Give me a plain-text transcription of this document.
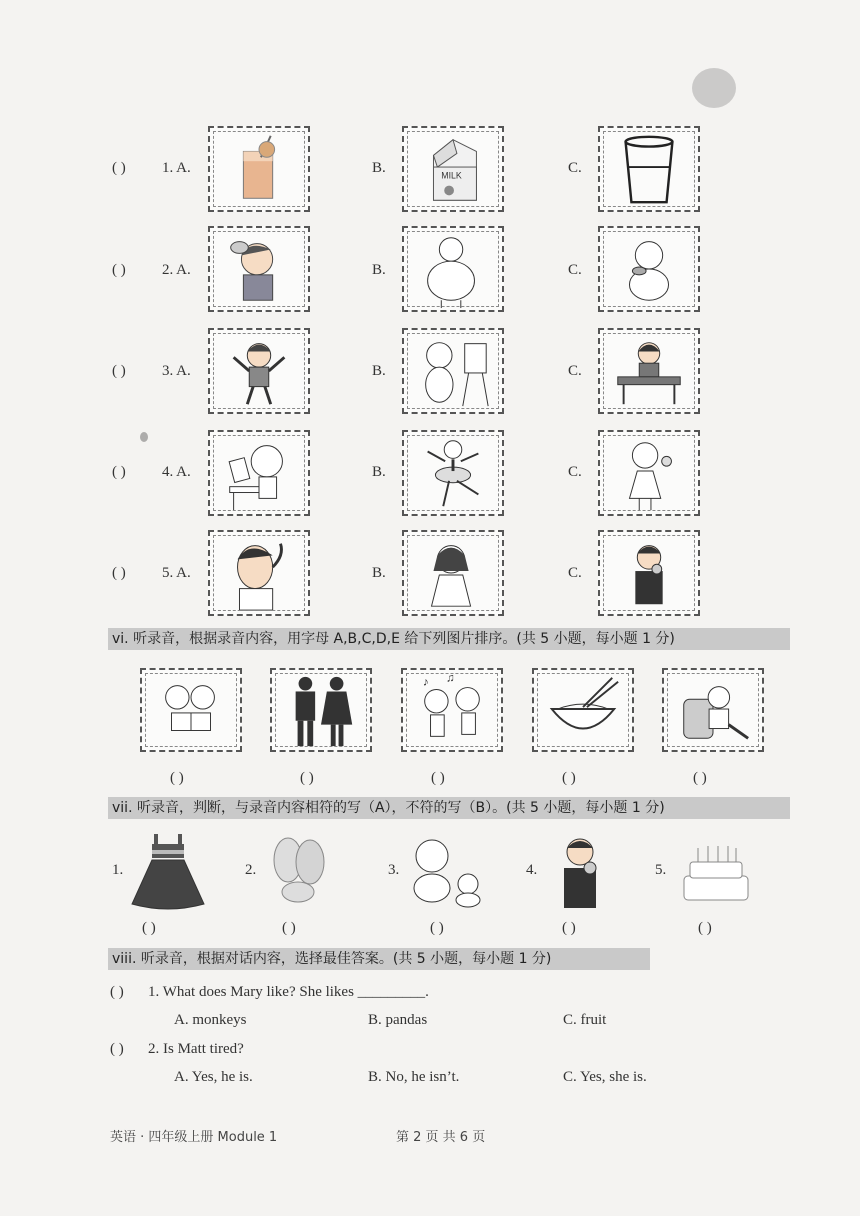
( ) 1. A.	B.	MILK	C.
( ) 2. A.	B.	C.
( ) 3. A.	B.	C.
( ) 4. A.	B.	C.
( ) 5. A.	B.	C.
vi. 听录音，根据录音内容，用字母 A,B,C,D,E 给下列图片排序。(共 5 小题，每小题 1 分)
♪ ♫
( )	( )	( )	( )	( )
vii. 听录音，判断，与录音内容相符的写（A），不符的写（B）。(共 5 小题，每小题 1 分)
1.	2.	3.	4.	5.
( )	( )	( )	( )	( )
viii. 听录音，根据对话内容，选择最佳答案。(共 5 小题，每小题 1 分)
( ) 1. What does Mary like? She likes _________.
A. monkeys	B. pandas	C. fruit
( ) 2. Is Matt tired?
A. Yes, he is.	B. No, he isn’t.	C. Yes, she is.
英语 · 四年级上册 Module 1	第 2 页 共 6 页
